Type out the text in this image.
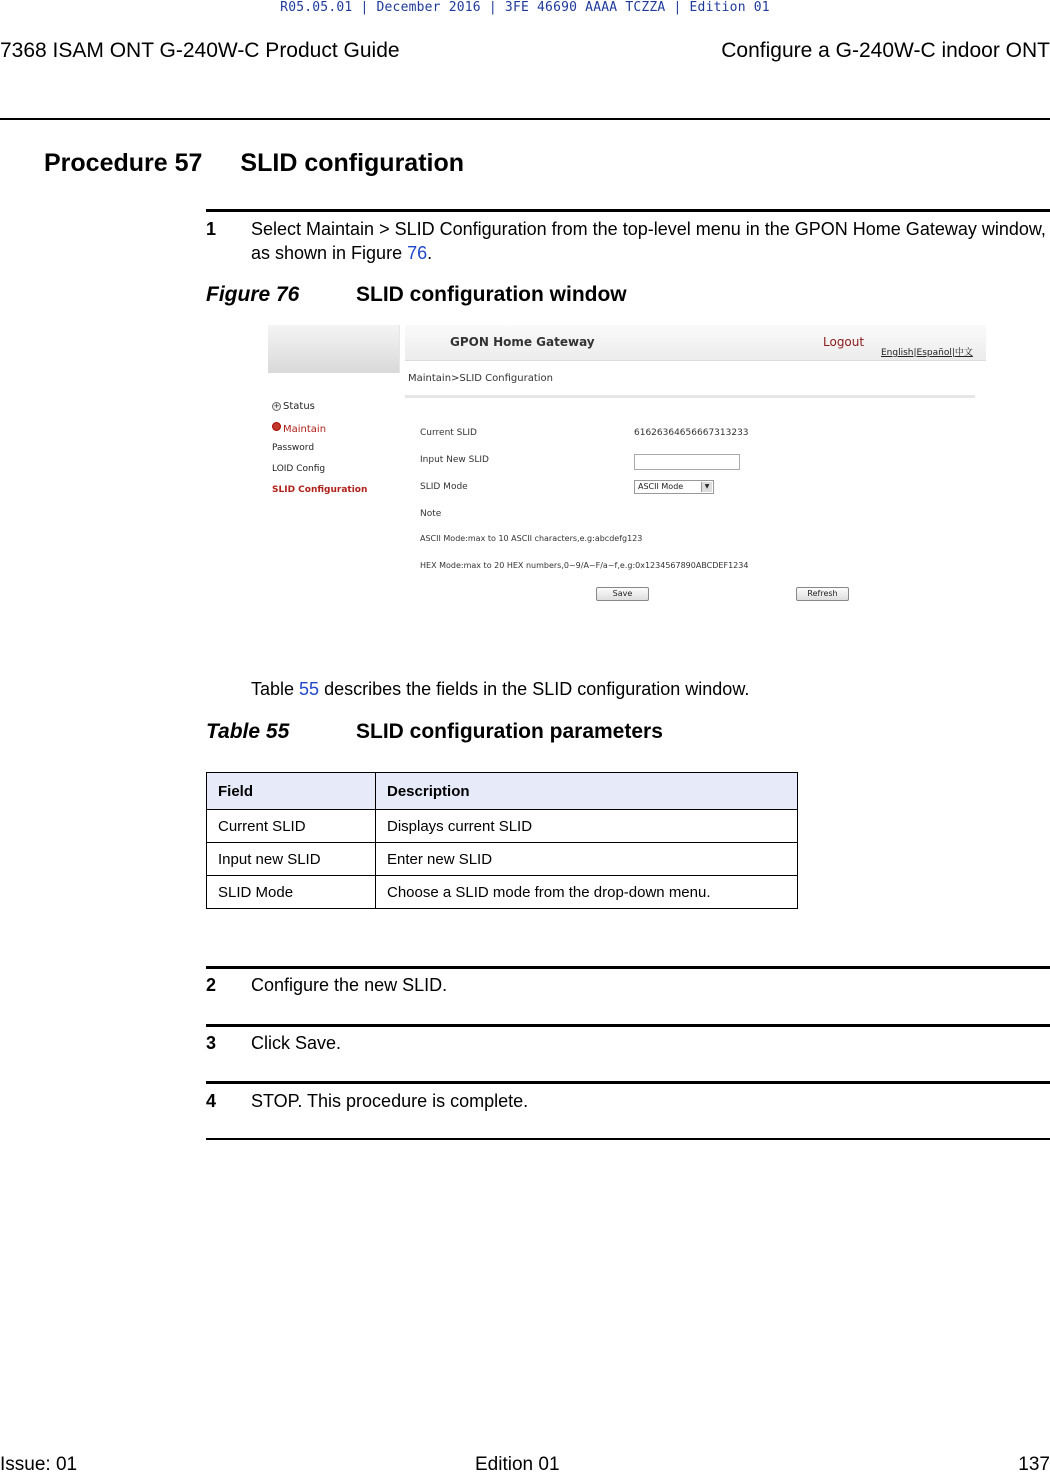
R05.05.01 | December 2016 | 3FE 46690 AAAA TCZZA | Edition 01
7368 ISAM ONT G-240W-C Product Guide	Configure a G-240W-C indoor ONT
Procedure 57 SLID configuration
1 Select Maintain > SLID Configuration from the top-level menu in the GPON Home Gateway window, as shown in Figure 76.
Figure 76	SLID configuration window
+ Status
Maintain
Password
LOID Config
SLID Configuration
GPON Home Gateway	Logout
English|Español|中文
Maintain>SLID Configuration
Current SLID	61626364656667313233
Input New SLID
SLID Mode	ASCII Mode	▼
Note
ASCII Mode:max to 10 ASCII characters,e.g:abcdefg123
HEX Mode:max to 20 HEX numbers,0~9/A~F/a~f,e.g:0x1234567890ABCDEF1234
Save	Refresh
Table 55 describes the fields in the SLID configuration window.
Table 55	SLID configuration parameters
Field	Description
Current SLID	Displays current SLID
Input new SLID	Enter new SLID
SLID Mode	Choose a SLID mode from the drop-down menu.
2 Configure the new SLID.
3 Click Save.
4 STOP. This procedure is complete.
Issue: 01	Edition 01	137
